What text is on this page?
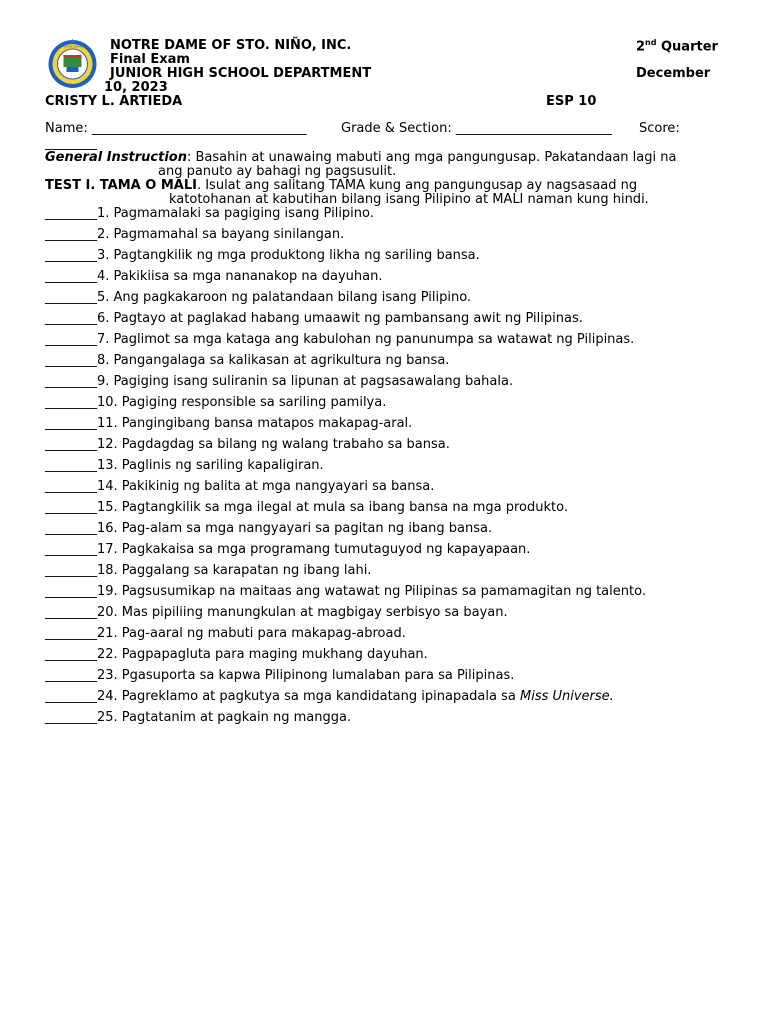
NOTRE DAME NOTRE DAME OF STO. NIÑO, INC.	2nd Quarter
Final Exam
JUNIOR HIGH SCHOOL DEPARTMENT	December
10, 2023
CRISTY L. ARTIEDA	ESP 10
Name: _________________________________	Grade & Section: ________________________ Score:
________
General Instruction: Basahin at unawaing mabuti ang mga pangungusap. Pakatandaan lagi na
ang panuto ay bahagi ng pagsusulit.
TEST I. TAMA O MALI. Isulat ang salitang TAMA kung ang pangungusap ay nagsasaad ng
katotohanan at kabutihan bilang isang Pilipino at MALI naman kung hindi.
________1. Pagmamalaki sa pagiging isang Pilipino.
________2. Pagmamahal sa bayang sinilangan.
________3. Pagtangkilik ng mga produktong likha ng sariling bansa.
________4. Pakikiisa sa mga nananakop na dayuhan.
________5. Ang pagkakaroon ng palatandaan bilang isang Pilipino.
________6. Pagtayo at paglakad habang umaawit ng pambansang awit ng Pilipinas.
________7. Paglimot sa mga kataga ang kabulohan ng panunumpa sa watawat ng Pilipinas.
________8. Pangangalaga sa kalikasan at agrikultura ng bansa.
________9. Pagiging isang suliranin sa lipunan at pagsasawalang bahala.
________10. Pagiging responsible sa sariling pamilya.
________11. Pangingibang bansa matapos makapag-aral.
________12. Pagdagdag sa bilang ng walang trabaho sa bansa.
________13. Paglinis ng sariling kapaligiran.
________14. Pakikinig ng balita at mga nangyayari sa bansa.
________15. Pagtangkilik sa mga ilegal at mula sa ibang bansa na mga produkto.
________16. Pag-alam sa mga nangyayari sa pagitan ng ibang bansa.
________17. Pagkakaisa sa mga programang tumutaguyod ng kapayapaan.
________18. Paggalang sa karapatan ng ibang lahi.
________19. Pagsusumikap na maitaas ang watawat ng Pilipinas sa pamamagitan ng talento.
________20. Mas pipiliing manungkulan at magbigay serbisyo sa bayan.
________21. Pag-aaral ng mabuti para makapag-abroad.
________22. Pagpapagluta para maging mukhang dayuhan.
________23. Pgasuporta sa kapwa Pilipinong lumalaban para sa Pilipinas.
________24. Pagreklamo at pagkutya sa mga kandidatang ipinapadala sa Miss Universe.
________25. Pagtatanim at pagkain ng mangga.
